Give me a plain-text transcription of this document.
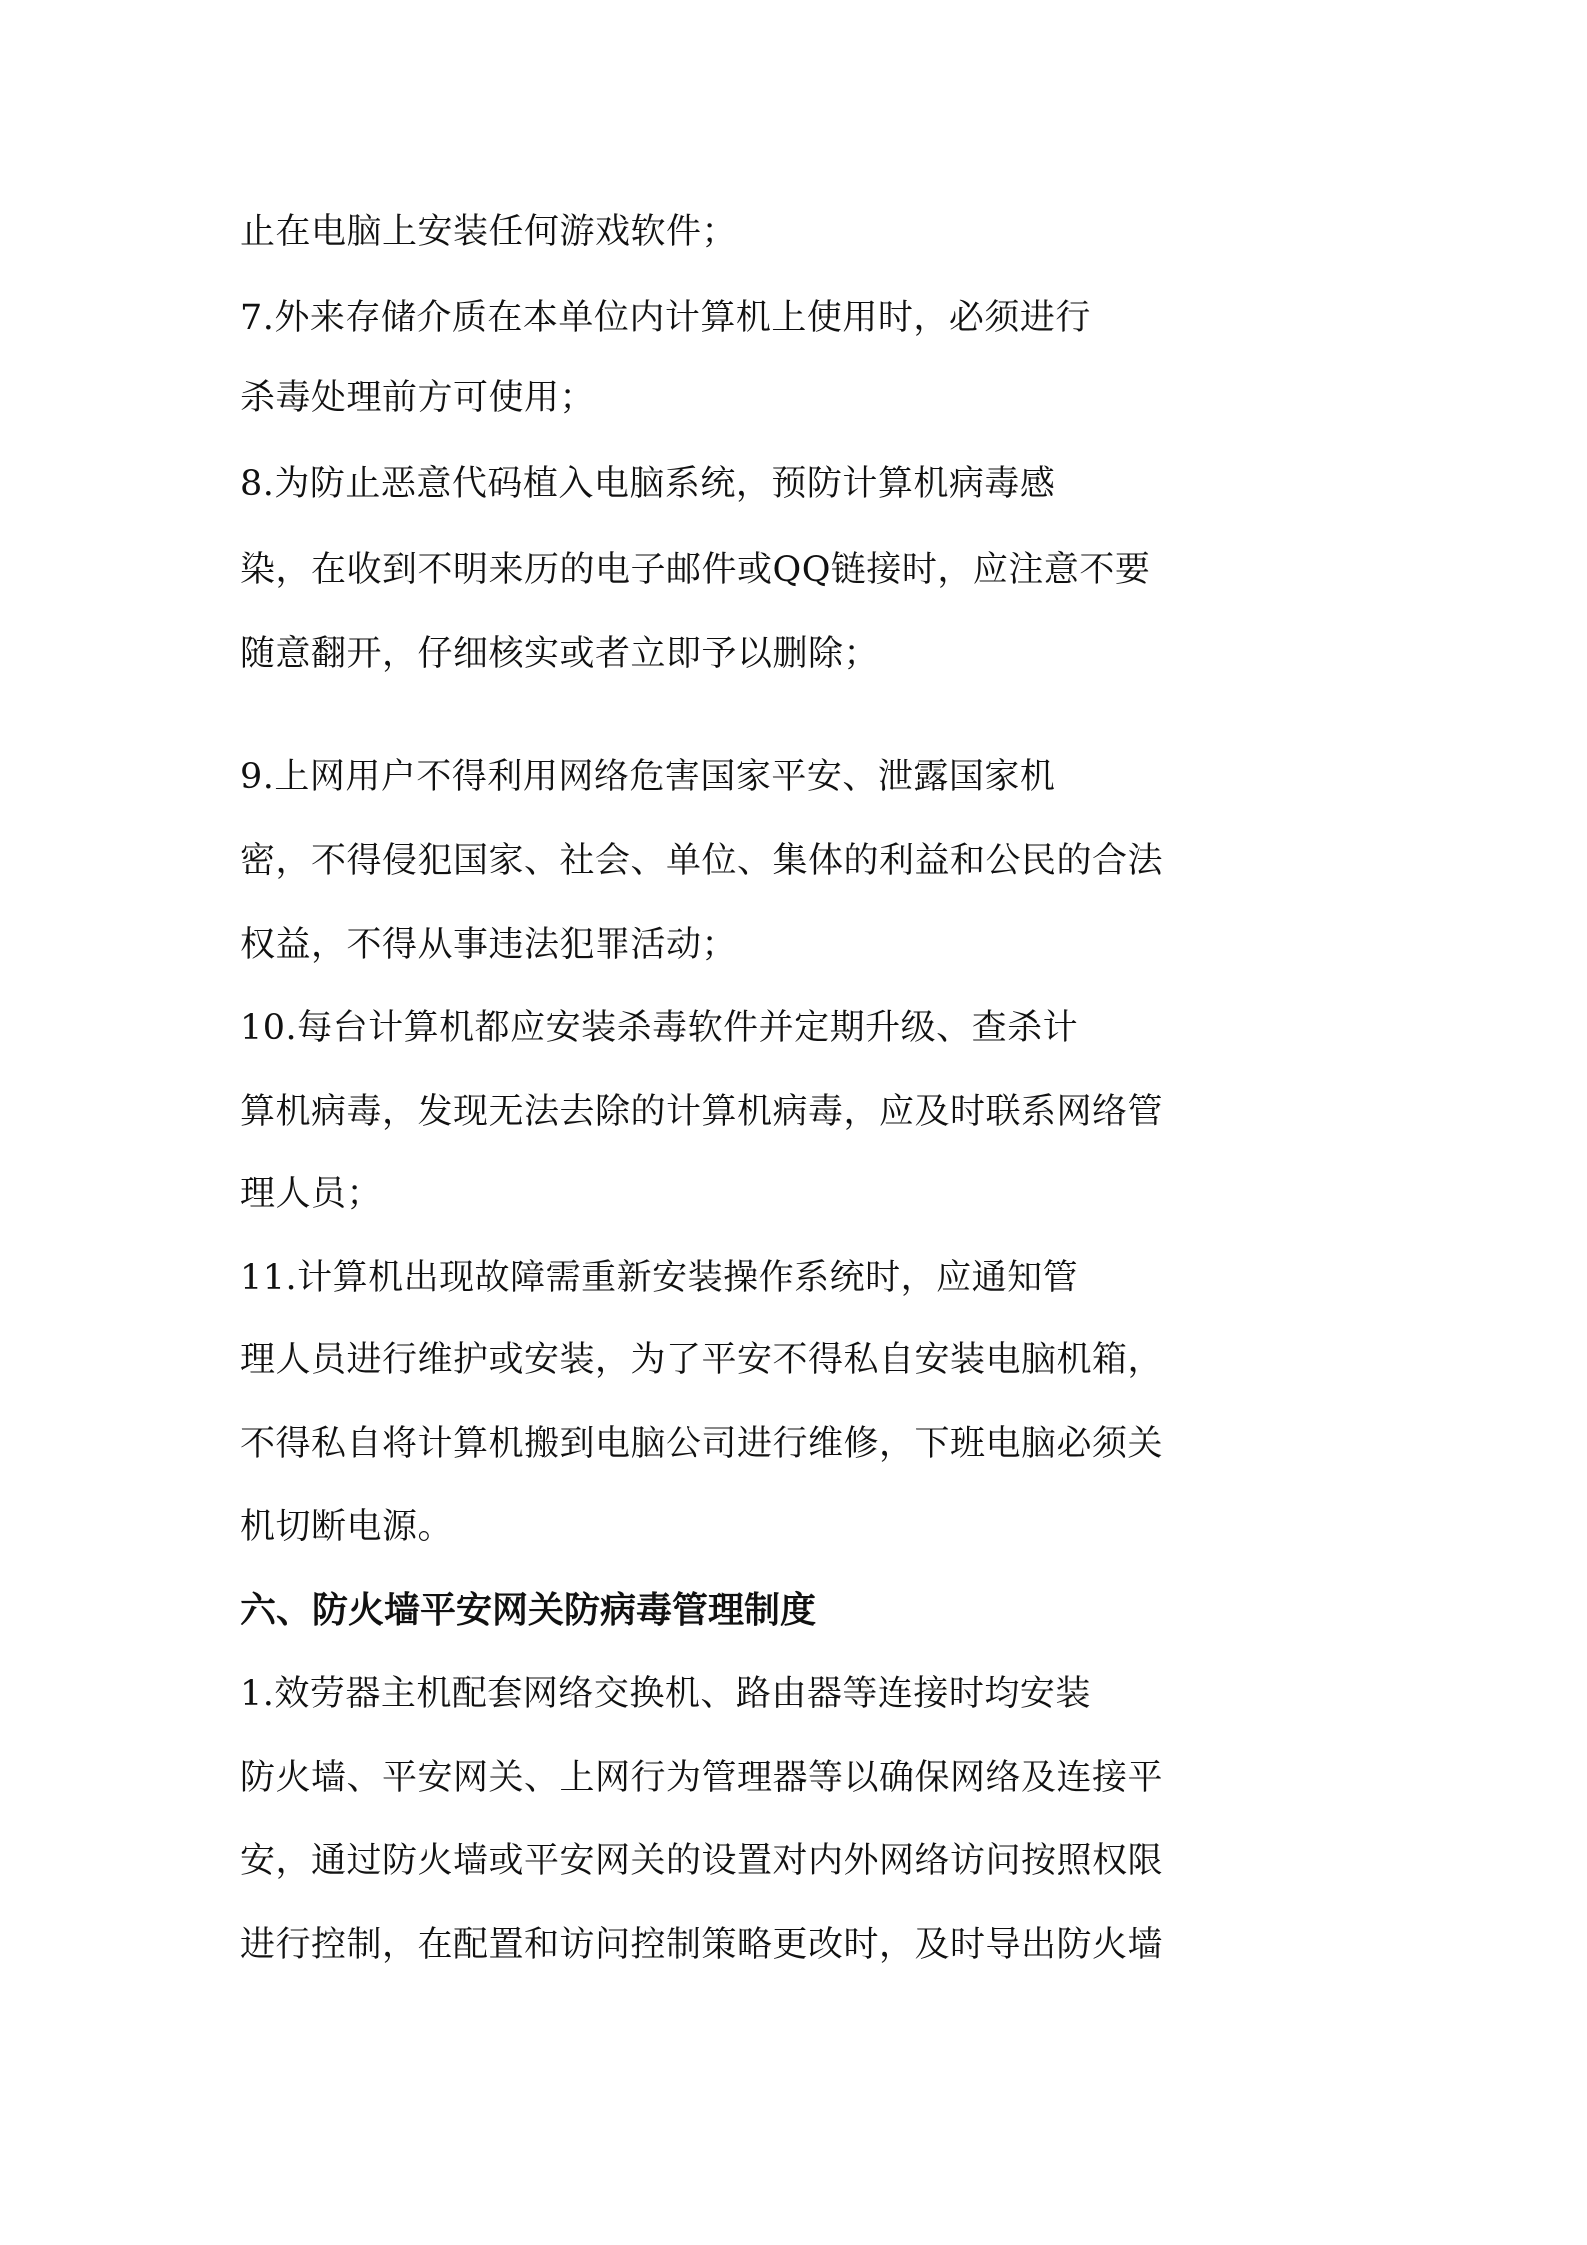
止在电脑上安装任何游戏软件；
7.外来存储介质在本单位内计算机上使用时，必须进行
杀毒处理前方可使用；
8.为防止恶意代码植入电脑系统，预防计算机病毒感
染，在收到不明来历的电子邮件或QQ链接时，应注意不要
随意翻开，仔细核实或者立即予以删除；
9.上网用户不得利用网络危害国家平安、泄露国家机
密，不得侵犯国家、社会、单位、集体的利益和公民的合法
权益，不得从事违法犯罪活动；
10.每台计算机都应安装杀毒软件并定期升级、查杀计
算机病毒，发现无法去除的计算机病毒，应及时联系网络管
理人员；
11.计算机出现故障需重新安装操作系统时，应通知管
理人员进行维护或安装，为了平安不得私自安装电脑机箱，
不得私自将计算机搬到电脑公司进行维修，下班电脑必须关
机切断电源。
六、防火墙平安网关防病毒管理制度
1.效劳器主机配套网络交换机、路由器等连接时均安装
防火墙、平安网关、上网行为管理器等以确保网络及连接平
安，通过防火墙或平安网关的设置对内外网络访问按照权限
进行控制，在配置和访问控制策略更改时，及时导出防火墙
